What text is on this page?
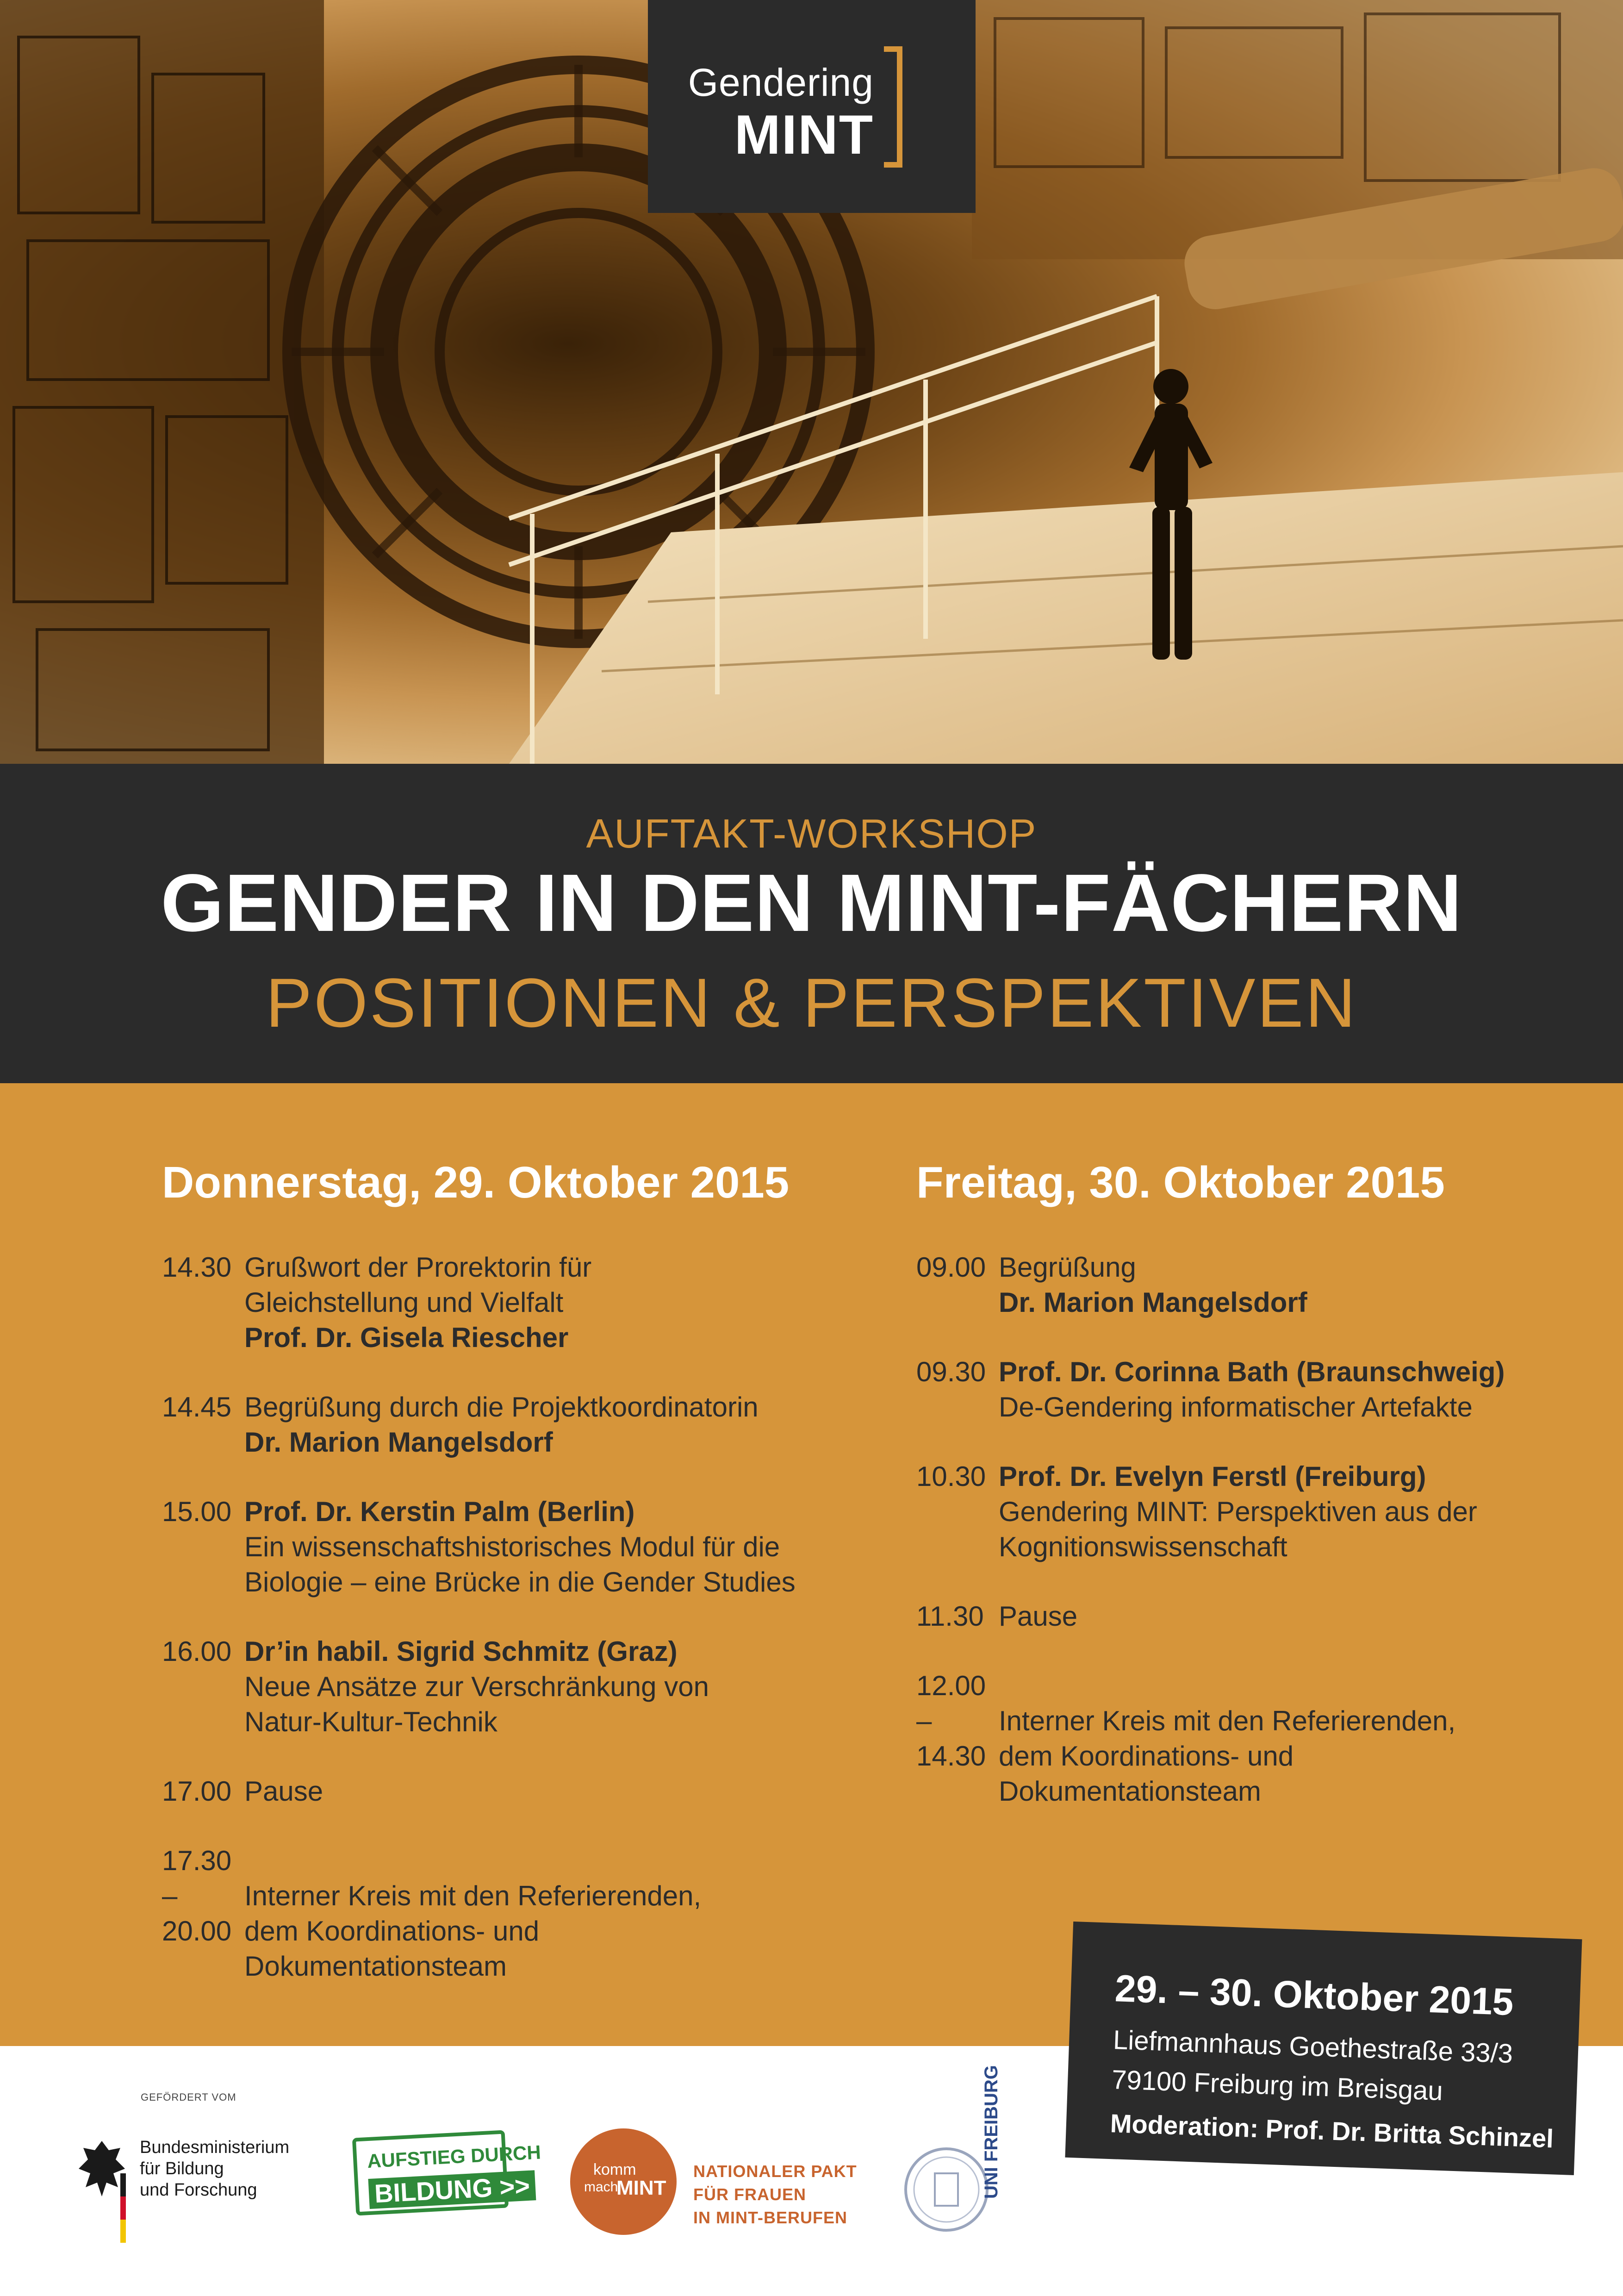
Gendering
MINT
AUFTAKT-WORKSHOP
GENDER IN DEN MINT-FÄCHERN
POSITIONEN & PERSPEKTIVEN
Donnerstag, 29. Oktober 2015
14.30 Grußwort der Prorektorin für
Gleichstellung und Vielfalt
Prof. Dr. Gisela Riescher
14.45 Begrüßung durch die Projektkoordinatorin
Dr. Marion Mangelsdorf
15.00 Prof. Dr. Kerstin Palm (Berlin)
Ein wissenschaftshistorisches Modul für die
Biologie – eine Brücke in die Gender Studies
16.00 Dr’in habil. Sigrid Schmitz (Graz)
Neue Ansätze zur Verschränkung von
Natur-Kultur-Technik
17.00 Pause
17.30 –
20.00
Interner Kreis mit den Referierenden,
dem Koordinations- und
Dokumentationsteam
Freitag, 30. Oktober 2015
09.00 Begrüßung
Dr. Marion Mangelsdorf
09.30 Prof. Dr. Corinna Bath (Braunschweig)
De-Gendering informatischer Artefakte
10.30 Prof. Dr. Evelyn Ferstl (Freiburg)
Gendering MINT: Perspektiven aus der
Kognitionswissenschaft
11.30 Pause
12.00 –
14.30
Interner Kreis mit den Referierenden,
dem Koordinations- und
Dokumentationsteam
GEFÖRDERT VOM
Bundesministerium
für Bildung
und Forschung
AUFSTIEG DURCH
BILDUNG >>
komm
mach
MINT
NATIONALER PAKT
FÜR FRAUEN
IN MINT-BERUFEN
UNI FREIBURG
29. – 30. Oktober 2015
Liefmannhaus Goethestraße 33/3
79100 Freiburg im Breisgau
Moderation: Prof. Dr. Britta Schinzel
